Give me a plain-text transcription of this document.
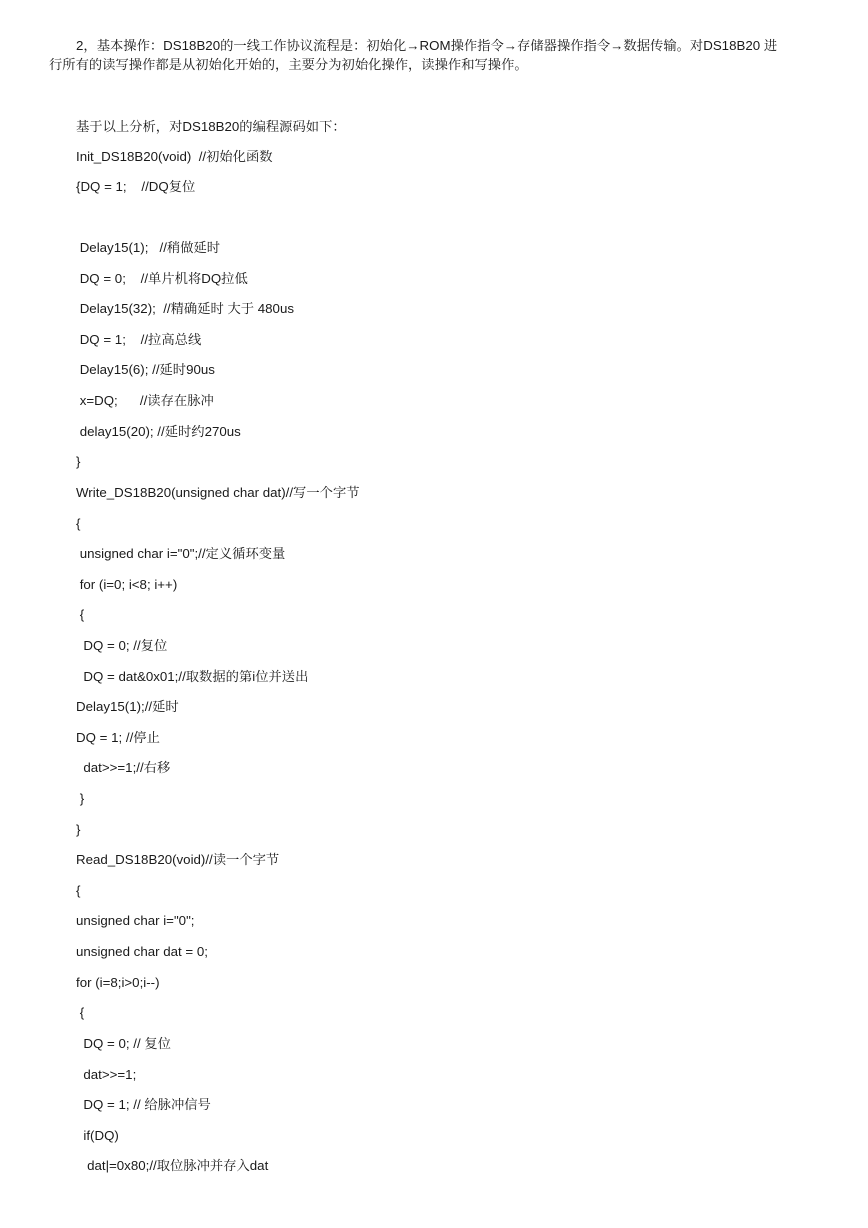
2，基本操作：DS18B20的一线工作协议流程是：初始化→ROM操作指令→存储器操作指令→数据传输。对DS18B20 进
行所有的读写操作都是从初始化开始的，主要分为初始化操作，读操作和写操作。
基于以上分析，对DS18B20的编程源码如下：
Init_DS18B20(void)  //初始化函数
{DQ = 1;    //DQ复位
Delay15(1);   //稍做延时
DQ = 0;    //单片机将DQ拉低
Delay15(32);  //精确延时 大于 480us
DQ = 1;    //拉高总线
Delay15(6); //延时90us
x=DQ;      //读存在脉冲
delay15(20); //延时约270us
}
Write_DS18B20(unsigned char dat)//写一个字节
{
unsigned char i="0";//定义循环变量
for (i=0; i<8; i++)
{
DQ = 0; //复位
DQ = dat&0x01;//取数据的第i位并送出
Delay15(1);//延时
DQ = 1; //停止
dat>>=1;//右移
}
}
Read_DS18B20(void)//读一个字节
{
unsigned char i="0";
unsigned char dat = 0;
for (i=8;i>0;i--)
{
DQ = 0; // 复位
dat>>=1;
DQ = 1; // 给脉冲信号
if(DQ)
dat|=0x80;//取位脉冲并存入dat
